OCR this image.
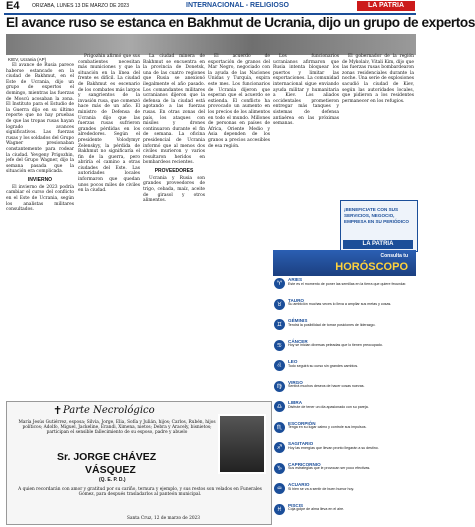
E4	ORIZABA, LUNES 13 DE MARZO DE 2023	INTERNACIONAL - RELIGIOSO	LA PATRIA
El avance ruso se estanca en Bakhmut de Ucrania, dijo un grupo de expertos
KIEV, Ucrania (AP)

El avance de Rusia parece haberse estancado en la ciudad de Bakhmut, en el Este de Ucrania, dijo un grupo de expertos el domingo, mientras las fuerzas de Moscú acosaban la zona. El Instituto para el Estudio de la Guerra dijo en su último reporte que no hay pruebas de que las tropas rusas hayan logrado avances significativos. Las fuerzas rusas y los soldados del Grupo Wagner presionaban constantemente para rodear la ciudad. Yevgeny Prigozhin, jefe del Grupo Wagner, dijo la semana pasada que la situación era complicada.

INVIERNO

El invierno de 2023 podría cambiar el curso del conflicto en el Este de Ucrania, según los analistas militares consultados.

Prigozhin afirmó que sus combatientes necesitan más municiones y que la situación en la línea del frente es difícil. La ciudad de Bakhmut es escenario de los combates más largos y sangrientos de la invasión rusa, que comenzó hace más de un año. El ministro de Defensa de Ucrania dijo que las fuerzas rusas sufrieron grandes pérdidas en los alrededores. Según el presidente Volodymyr Zelenskyy, la pérdida de Bakhmut no significaría el fin de la guerra, pero abriría el camino a otras ciudades del Este. Las autoridades locales informaron que quedan unos pocos miles de civiles en la ciudad.

La ciudad minera de Bakhmut se encuentra en la provincia de Donetsk, una de las cuatro regiones que Rusia se anexionó ilegalmente el año pasado. Los comandantes militares ucranianos dijeron que la defensa de la ciudad está agotando a las fuerzas rusas. En otras zonas del país, los ataques con misiles y drones continuaron durante el fin de semana. La oficina presidencial de Ucrania informó que al menos dos civiles murieron y varios resultaron heridos en bombardeos recientes.

PROVEEDORES

Ucrania y Rusia son grandes proveedores de trigo, cebada, maíz, aceite de girasol y otros alimentos.

El acuerdo de exportación de granos del Mar Negro, negociado con la ayuda de las Naciones Unidas y Turquía, expira este mes. Los funcionarios de Ucrania dijeron que esperan que el acuerdo se extienda. El conflicto ha provocado un aumento en los precios de los alimentos en todo el mundo. Millones de personas en países de África, Oriente Medio y Asia dependen de los granos a precios accesibles de esa región.

Los funcionarios ucranianos afirmaron que Rusia intenta bloquear los puertos y limitar las exportaciones. La comunidad internacional sigue enviando ayuda militar y humanitaria a Kiev. Los aliados occidentales prometieron entregar más tanques y sistemas de defensa antiaérea en las próximas semanas.

El gobernador de la región de Mykolaiv, Vitali Kim, dijo que las fuerzas rusas bombardearon zonas residenciales durante la noche. Una serie de explosiones sacudió la ciudad de Kiev, según las autoridades locales, que pidieron a los residentes permanecer en los refugios.

¡BENEFICIATE CON SUS SERVICIOS, NEGOCIO, EMPRESA EN SU PERIÓDICO
LA PATRIA
Consulta tu
HORÓSCOPO
♈
ARIES
Este es el momento de poner las semillas en la tierra que quiere fecundar.
♉
TAURO
Su ambición muchas veces lo lleva a ampliar sus metas y cosas.
♊
GÉMINIS
Tendrá la posibilidad de tomar posiciones de liderazgo.
♋
CÁNCER
Hoy se inician diversas peleadas que lo tienen preocupado.
♌
LEO
Todo seguirá su curso sin grandes cambios.
♍
VIRGO
Sentirá muchos deseos de hacer cosas nuevas.
♎
LIBRA
Disfrute de tener un día apasionado con su pareja.
♏
ESCORPIÓN
Tenga en su lugar calmo y controle sus impulsos.
♐
SAGITARIO
Hoy las energías que llevan pronto llegarán a su destino.
♑
CAPRICORNIO
Sus estrategias que le provocan ser poco efectivas.
♒
ACUARIO
Si bien se va a sentir de buen humor hoy.
♓
PISCIS
Coja golpe de alma lleva en el aire.
✝ Parte Necrológico
María Jesús Gutiérrez, esposa; Silvia, Jorge, Elia, Sofía y Julián, hijos; Carlos, Rubén, hijos políticos; Adolfo, Miguel, Jackeline, Erandi, Ximena, nietos; Debra y Aracely, bisnietos; participan el sensible fallecimiento de su esposo, padre y abuelo
Sr. JORGE CHÁVEZ
VÁSQUEZ
(Q. E. P. D.)
A quien recordarán con amor y gratitud por su cariño, ternura y ejemplo, y sus restos son velados en Funerales Gómez, para después trasladarlos al panteón municipal.
Santa Cruz, 12 de marzo de 2023
